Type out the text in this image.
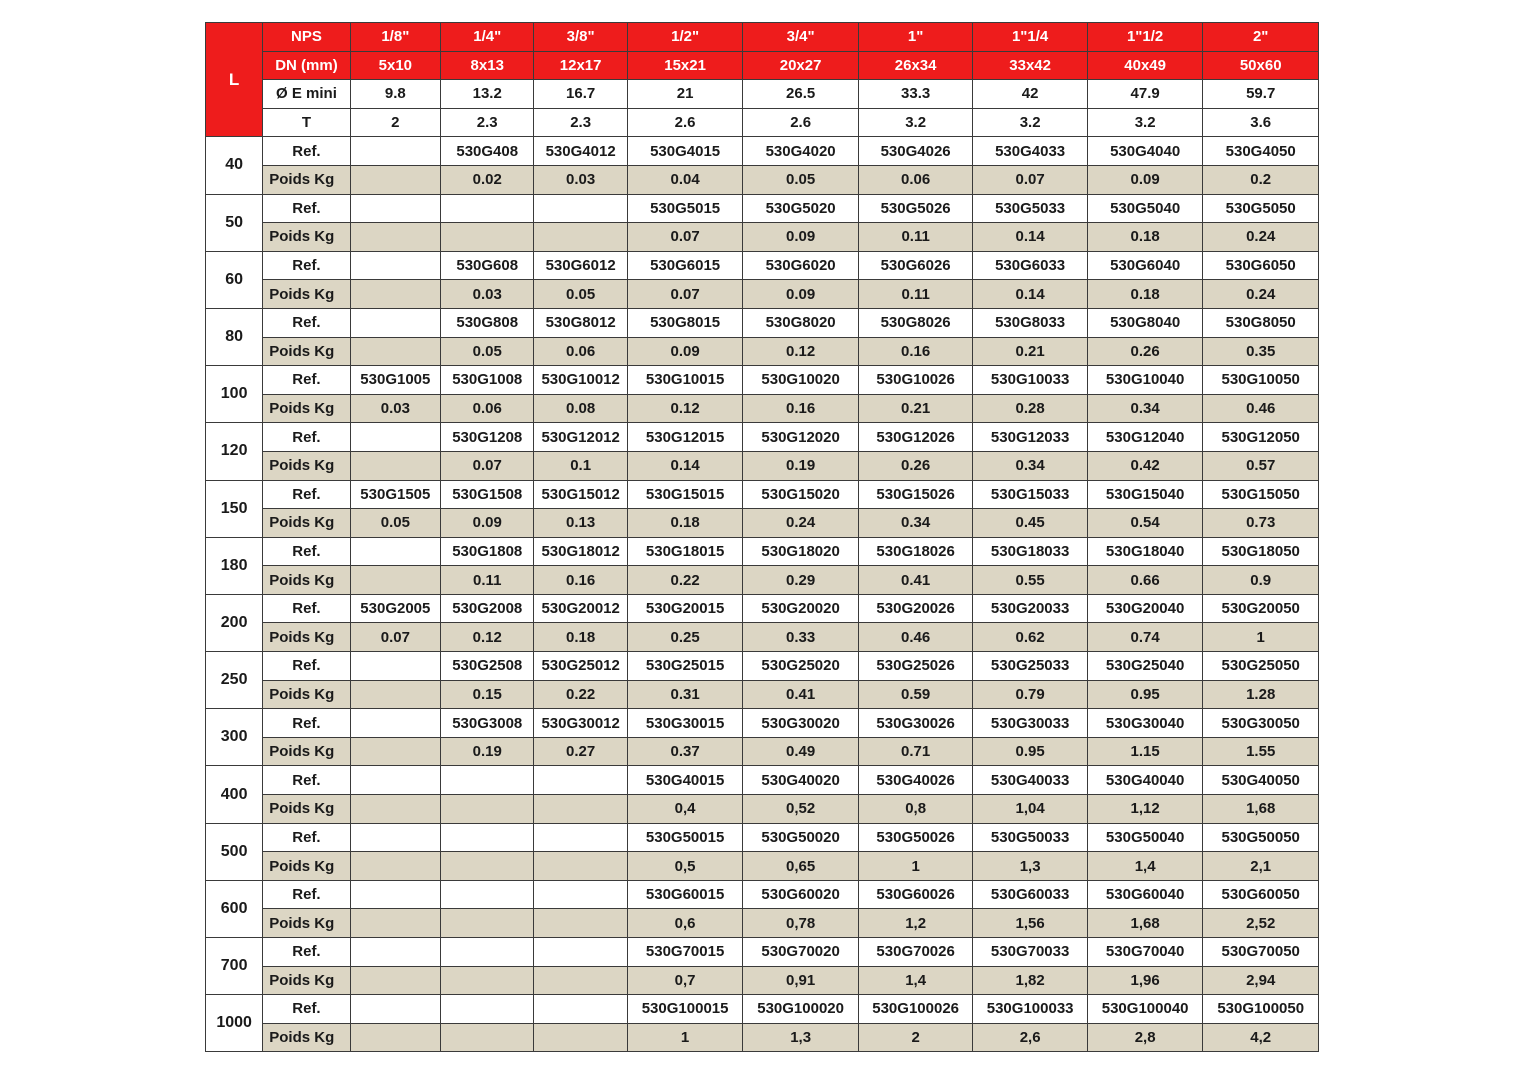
L	NPS	1/8"	1/4"	3/8"	1/2"	3/4"	1"	1"1/4	1"1/2	2"
	DN (mm)	5x10	8x13	12x17	15x21	20x27	26x34	33x42	40x49	50x60
	Ø E mini	9.8	13.2	16.7	21	26.5	33.3	42	47.9	59.7
	T	2	2.3	2.3	2.6	2.6	3.2	3.2	3.2	3.6
40	Ref.		530G408	530G4012	530G4015	530G4020	530G4026	530G4033	530G4040	530G4050
	Poids Kg		0.02	0.03	0.04	0.05	0.06	0.07	0.09	0.2
50	Ref.				530G5015	530G5020	530G5026	530G5033	530G5040	530G5050
	Poids Kg				0.07	0.09	0.11	0.14	0.18	0.24
60	Ref.		530G608	530G6012	530G6015	530G6020	530G6026	530G6033	530G6040	530G6050
	Poids Kg		0.03	0.05	0.07	0.09	0.11	0.14	0.18	0.24
80	Ref.		530G808	530G8012	530G8015	530G8020	530G8026	530G8033	530G8040	530G8050
	Poids Kg		0.05	0.06	0.09	0.12	0.16	0.21	0.26	0.35
100	Ref.	530G1005	530G1008	530G10012	530G10015	530G10020	530G10026	530G10033	530G10040	530G10050
	Poids Kg	0.03	0.06	0.08	0.12	0.16	0.21	0.28	0.34	0.46
120	Ref.		530G1208	530G12012	530G12015	530G12020	530G12026	530G12033	530G12040	530G12050
	Poids Kg		0.07	0.1	0.14	0.19	0.26	0.34	0.42	0.57
150	Ref.	530G1505	530G1508	530G15012	530G15015	530G15020	530G15026	530G15033	530G15040	530G15050
	Poids Kg	0.05	0.09	0.13	0.18	0.24	0.34	0.45	0.54	0.73
180	Ref.		530G1808	530G18012	530G18015	530G18020	530G18026	530G18033	530G18040	530G18050
	Poids Kg		0.11	0.16	0.22	0.29	0.41	0.55	0.66	0.9
200	Ref.	530G2005	530G2008	530G20012	530G20015	530G20020	530G20026	530G20033	530G20040	530G20050
	Poids Kg	0.07	0.12	0.18	0.25	0.33	0.46	0.62	0.74	1
250	Ref.		530G2508	530G25012	530G25015	530G25020	530G25026	530G25033	530G25040	530G25050
	Poids Kg		0.15	0.22	0.31	0.41	0.59	0.79	0.95	1.28
300	Ref.		530G3008	530G30012	530G30015	530G30020	530G30026	530G30033	530G30040	530G30050
	Poids Kg		0.19	0.27	0.37	0.49	0.71	0.95	1.15	1.55
400	Ref.				530G40015	530G40020	530G40026	530G40033	530G40040	530G40050
	Poids Kg				0,4	0,52	0,8	1,04	1,12	1,68
500	Ref.				530G50015	530G50020	530G50026	530G50033	530G50040	530G50050
	Poids Kg				0,5	0,65	1	1,3	1,4	2,1
600	Ref.				530G60015	530G60020	530G60026	530G60033	530G60040	530G60050
	Poids Kg				0,6	0,78	1,2	1,56	1,68	2,52
700	Ref.				530G70015	530G70020	530G70026	530G70033	530G70040	530G70050
	Poids Kg				0,7	0,91	1,4	1,82	1,96	2,94
1000	Ref.				530G100015	530G100020	530G100026	530G100033	530G100040	530G100050
	Poids Kg				1	1,3	2	2,6	2,8	4,2
